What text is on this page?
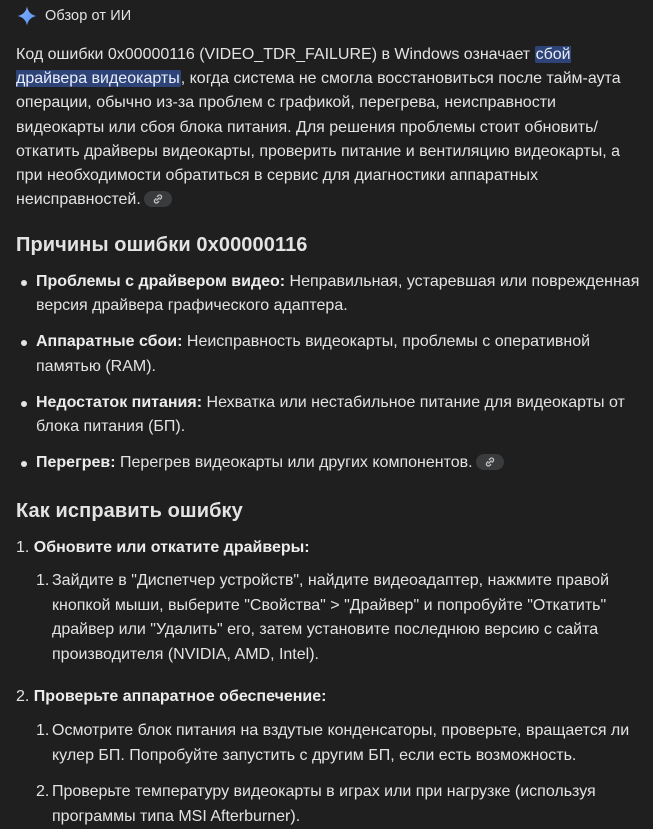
Обзор от ИИ

Код ошибки 0x00000116 (VIDEO_TDR_FAILURE) в Windows означает сбой драйвера видеокарты, когда система не смогла восстановиться после тайм-аута операции, обычно из-за проблем с графикой, перегрева, неисправности видеокарты или сбоя блока питания. Для решения проблемы стоит обновить/откатить драйверы видеокарты, проверить питание и вентиляцию видеокарты, а при необходимости обратиться в сервис для диагностики аппаратных неисправностей.

Причины ошибки 0x00000116
Проблемы с драйвером видео: Неправильная, устаревшая или поврежденная версия драйвера графического адаптера.
Аппаратные сбои: Неисправность видеокарты, проблемы с оперативной памятью (RAM).
Недостаток питания: Нехватка или нестабильное питание для видеокарты от блока питания (БП).
Перегрев: Перегрев видеокарты или других компонентов.
Как исправить ошибку

1. Обновите или откатите драйверы:

1. Зайдите в "Диспетчер устройств", найдите видеоадаптер, нажмите правой кнопкой мыши, выберите "Свойства" > "Драйвер" и попробуйте "Откатить" драйвер или "Удалить" его, затем установите последнюю версию с сайта производителя (NVIDIA, AMD, Intel).

2. Проверьте аппаратное обеспечение:

1. Осмотрите блок питания на вздутые конденсаторы, проверьте, вращается ли кулер БП. Попробуйте запустить с другим БП, если есть возможность.
2. Проверьте температуру видеокарты в играх или при нагрузке (используя программы типа MSI Afterburner).
